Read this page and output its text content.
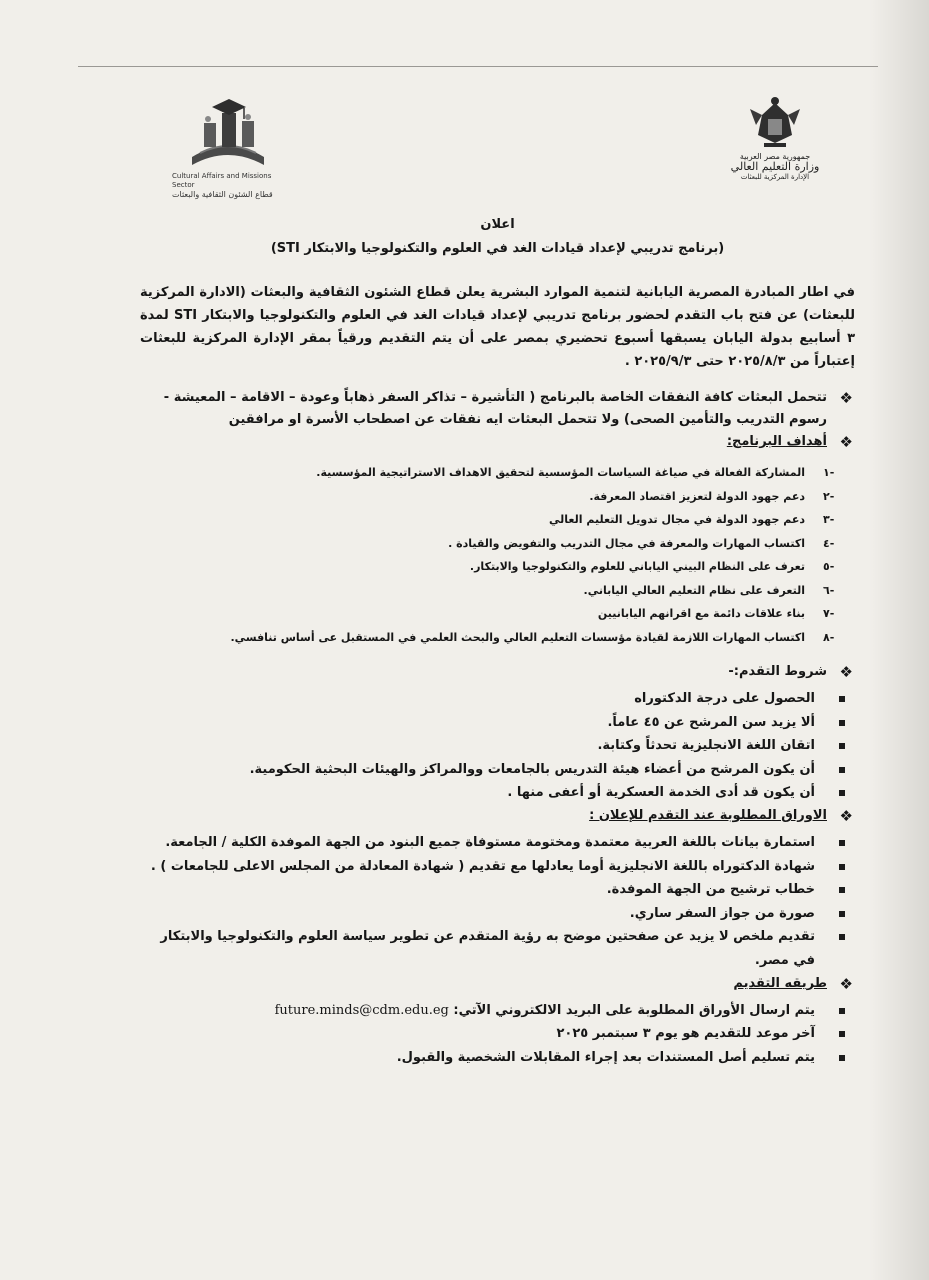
Cultural Affairs and Missions Sector
قطاع الشئون الثقافية والبعثات
جمهورية مصر العربية
وزارة التعليم العالي
الإدارة المركزية للبعثات
اعلان
(برنامج تدريبي لإعداد قيادات الغد في العلوم والتكنولوجيا والابتكار STI)

في اطار المبادرة المصرية اليابانية لتنمية الموارد البشرية يعلن قطاع الشئون الثقافية والبعثات (الادارة المركزية للبعثات) عن فتح باب التقدم لحضور برنامج تدريبي لإعداد قيادات الغد في العلوم والتكنولوجيا والابتكار STI لمدة ٣ أسابيع بدولة اليابان يسبقها أسبوع تحضيري بمصر على أن يتم التقديم ورقياً بمقر الإدارة المركزية للبعثات إعتباراً من ٢٠٢٥/٨/٣ حتى ٢٠٢٥/٩/٣ .

❖
تتحمل البعثات كافة النفقات الخاصة بالبرنامج ( التأشيرة – تذاكر السفر ذهاباً وعودة – الاقامة – المعيشة - رسوم التدريب والتأمين الصحى) ولا تتحمل البعثات ايه نفقات عن اصطحاب الأسرة او مرافقين
❖
أهداف البرنامج:
-١
المشاركة الفعالة في صياغة السياسات المؤسسية لتحقيق الاهداف الاستراتيجية المؤسسية.
-٢
دعم جهود الدولة لتعزيز اقتصاد المعرفة.
-٣
دعم جهود الدولة في مجال تدويل التعليم العالي
-٤
اكتساب المهارات والمعرفة في مجال التدريب والتفويض والقيادة .
-٥
تعرف على النظام البيني الياباني للعلوم والتكنولوجيا والابتكار.
-٦
التعرف على نظام التعليم العالي الياباني.
-٧
بناء علاقات دائمة مع اقرانهم اليابانيين
-٨
اكتساب المهارات اللازمة لقيادة مؤسسات التعليم العالي والبحث العلمي في المستقبل عى أساس تنافسي.
❖
شروط التقدم:-
الحصول على درجة الدكتوراه
ألا يزيد سن المرشح عن ٤٥ عاماً.
اتقان اللغة الانجليزية تحدثاً وكتابة.
أن يكون المرشح من أعضاء هيئة التدريس بالجامعات ووالمراكز والهيئات البحثية الحكومية.
أن يكون قد أدى الخدمة العسكرية أو أعفى منها .
❖
الاوراق المطلوبة عند التقدم للإعلان :
استمارة بيانات باللغة العربية معتمدة ومختومة مستوفاة جميع البنود من الجهة الموفدة الكلية / الجامعة.
شهادة الدكتوراه باللغة الانجليزية أوما يعادلها مع تقديم ( شهادة المعادلة من المجلس الاعلى للجامعات ) .
خطاب ترشيح من الجهة الموفدة.
صورة من جواز السفر ساري.
تقديم ملخص لا يزيد عن صفحتين موضح به رؤية المتقدم عن تطوير سياسة العلوم والتكنولوجيا والابتكار في مصر.
❖
طريقه التقديم
يتم ارسال الأوراق المطلوبة على البريد الالكتروني الآتي: future.minds@cdm.edu.eg
آخر موعد للتقديم هو يوم ٣ سبتمبر ٢٠٢٥
يتم تسليم أصل المستندات بعد إجراء المقابلات الشخصية والقبول.
